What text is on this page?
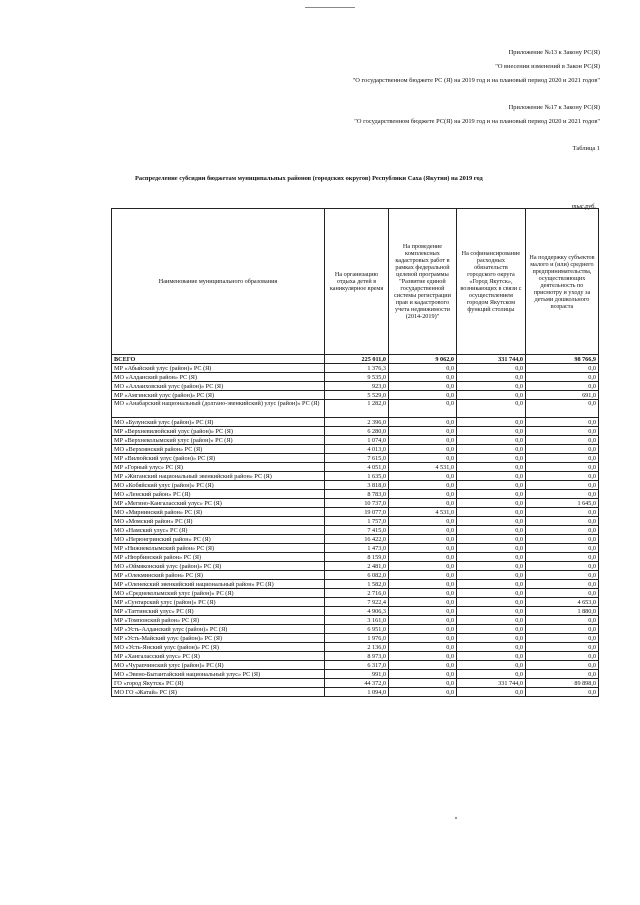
Приложение №13 к Закону РС(Я)
"О внесении изменений в Закон РС(Я)
"О государственном бюджете РС (Я) на 2019 год и на плановый период 2020 и 2021 годов"
Приложение №17 к Закону РС(Я)
"О государственном бюджете РС(Я) на 2019 год и на плановый период 2020 и 2021 годов"
Таблица 1
Распределение субсидии бюджетам муниципальных районов (городских округов) Республики Саха (Якутия) на 2019 год
тыс.руб.
Наименование муниципального образования	На организацию отдыха детей в каникулярное время	На проведение комплексных кадастровых работ в рамках федеральной целевой программы "Развитие единой государственной системы регистрации прав и кадастрового учета недвижимости (2014-2019)"	На софинансирование расходных обязательств городского округа «Город Якутск», возникающих в связи с осуществлением городом Якутском функций столицы	На поддержку субъектов малого и (или) среднего предпринимательства, осуществляющих деятельность по присмотру и уходу за детьми дошкольного возраста
ВСЕГО	225 011,0	9 062,0	331 744,0	98 766,9
МР «Абыйский улус (район)» РС (Я)	1 376,3	0,0	0,0	0,0
МО «Алданский район» РС (Я)	9 535,0	0,0	0,0	0,0
МО «Аллаиховский улус (район)» РС (Я)	923,0	0,0	0,0	0,0
МР «Амгинский улус (район)» РС (Я)	5 529,0	0,0	0,0	691,0
МО «Анабарский национальный (долгано-эвенкийский) улус (район)» РС (Я)	1 282,0	0,0	0,0	0,0
МО «Булунский улус (район)» РС (Я)	2 396,0	0,0	0,0	0,0
МР «Верхневилюйский улус (район)» РС (Я)	6 280,0	0,0	0,0	0,0
МР «Верхнеколымский улус (район)» РС (Я)	1 074,0	0,0	0,0	0,0
МО «Верхоянский район» РС (Я)	4 013,0	0,0	0,0	0,0
МР «Вилюйский улус (район)» РС (Я)	7 615,0	0,0	0,0	0,0
МР «Горный улус» РС (Я)	4 051,0	4 531,0	0,0	0,0
МР «Жиганский национальный эвенкийский район» РС (Я)	1 635,0	0,0	0,0	0,0
МО «Кобяйский улус (район)» РС (Я)	3 818,0	0,0	0,0	0,0
МО «Ленский район» РС (Я)	8 783,0	0,0	0,0	0,0
МР «Мегино-Кангаласский улус» РС (Я)	10 737,0	0,0	0,0	1 645,0
МО «Мирнинский район» РС (Я)	19 077,0	4 531,0	0,0	0,0
МО «Момский район» РС (Я)	1 757,0	0,0	0,0	0,0
МО «Намский улус» РС (Я)	7 415,0	0,0	0,0	0,0
МО «Нерюнгринский район» РС (Я)	16 422,0	0,0	0,0	0,0
МР «Нижнеколымский район» РС (Я)	1 473,0	0,0	0,0	0,0
МР «Нюрбинский район» РС (Я)	8 159,0	0,0	0,0	0,0
МО «Оймяконский улус (район)» РС (Я)	2 481,0	0,0	0,0	0,0
МР «Олекминский район» РС (Я)	6 082,0	0,0	0,0	0,0
МР «Оленекский эвенкийский национальный район» РС (Я)	1 582,0	0,0	0,0	0,0
МО «Среднеколымский улус (район)» РС (Я)	2 716,0	0,0	0,0	0,0
МР «Сунтарский улус (район)» РС (Я)	7 922,4	0,0	0,0	4 653,0
МР «Таттинский улус» РС (Я)	4 906,3	0,0	0,0	1 880,0
МР «Томпонский район» РС (Я)	3 161,0	0,0	0,0	0,0
МР «Усть-Алданский улус (район)» РС (Я)	6 951,0	0,0	0,0	0,0
МР «Усть-Майский улус (район)» РС (Я)	1 976,0	0,0	0,0	0,0
МО «Усть-Янский улус (район)» РС (Я)	2 136,0	0,0	0,0	0,0
МР «Хангаласский улус» РС (Я)	8 973,0	0,0	0,0	0,0
МО «Чурапчинский улус (район)» РС (Я)	6 317,0	0,0	0,0	0,0
МО «Эвено-Бытантайский национальный улус» РС (Я)	991,0	0,0	0,0	0,0
ГО «город Якутск» РС (Я)	44 372,0	0,0	331 744,0	89 898,0
МО ГО «Жатай» РС (Я)	1 094,0	0,0	0,0	0,0
